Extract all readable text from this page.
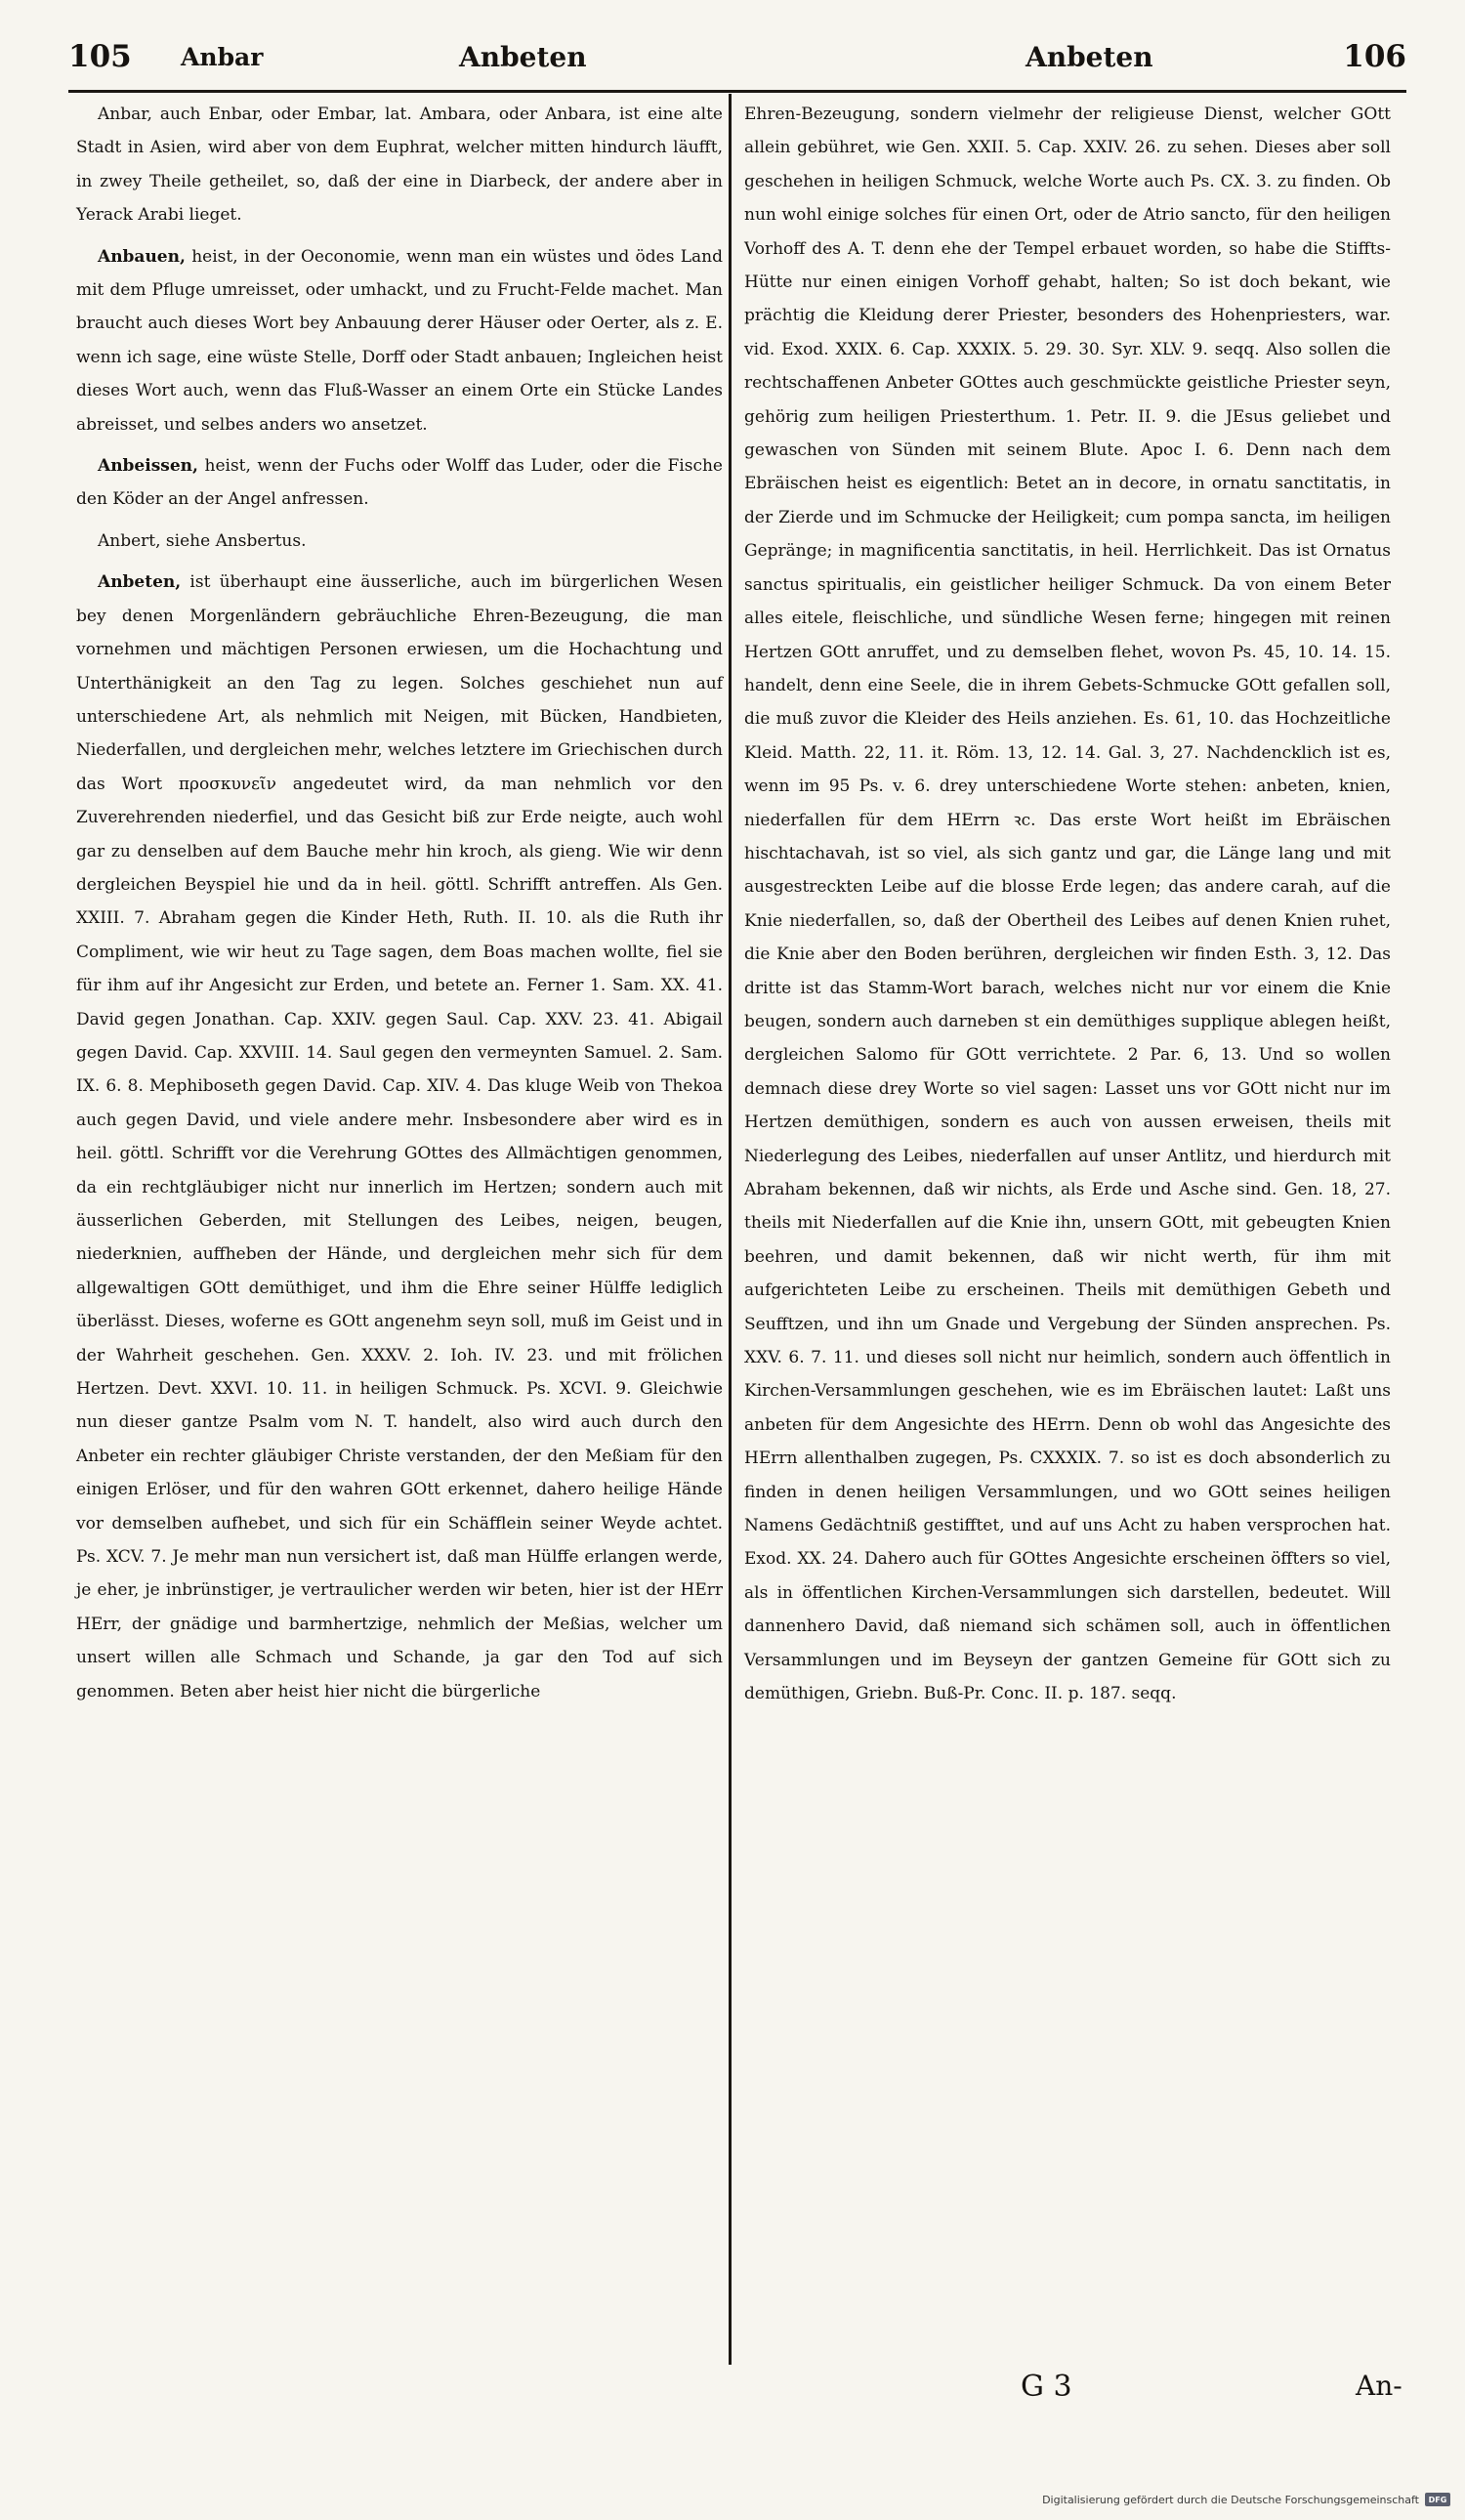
105 Anbar	Anbeten	Anbeten	106

Anbar, auch Enbar, oder Embar, lat. Ambara, oder Anbara, ist eine alte Stadt in Asien, wird aber von dem Euphrat, welcher mitten hindurch läufft, in zwey Theile getheilet, so, daß der eine in Diarbeck, der andere aber in Yerack Arabi lieget.

Anbauen, heist, in der Oeconomie, wenn man ein wüstes und ödes Land mit dem Pfluge umreisset, oder umhackt, und zu Frucht-Felde machet. Man braucht auch dieses Wort bey Anbauung derer Häuser oder Oerter, als z. E. wenn ich sage, eine wüste Stelle, Dorff oder Stadt anbauen; Ingleichen heist dieses Wort auch, wenn das Fluß-Wasser an einem Orte ein Stücke Landes abreisset, und selbes anders wo ansetzet.

Anbeissen, heist, wenn der Fuchs oder Wolff das Luder, oder die Fische den Köder an der Angel anfressen.

Anbert, siehe Ansbertus.

Anbeten, ist überhaupt eine äusserliche, auch im bürgerlichen Wesen bey denen Morgenländern gebräuchliche Ehren-Bezeugung, die man vornehmen und mächtigen Personen erwiesen, um die Hochachtung und Unterthänigkeit an den Tag zu legen. Solches geschiehet nun auf unterschiedene Art, als nehmlich mit Neigen, mit Bücken, Handbieten, Niederfallen, und dergleichen mehr, welches letztere im Griechischen durch das Wort προσκυνεῖν angedeutet wird, da man nehmlich vor den Zuverehrenden niederfiel, und das Gesicht biß zur Erde neigte, auch wohl gar zu denselben auf dem Bauche mehr hin kroch, als gieng. Wie wir denn dergleichen Beyspiel hie und da in heil. göttl. Schrifft antreffen. Als Gen. XXIII. 7. Abraham gegen die Kinder Heth, Ruth. II. 10. als die Ruth ihr Compliment, wie wir heut zu Tage sagen, dem Boas machen wollte, fiel sie für ihm auf ihr Angesicht zur Erden, und betete an. Ferner 1. Sam. XX. 41. David gegen Jonathan. Cap. XXIV. gegen Saul. Cap. XXV. 23. 41. Abigail gegen David. Cap. XXVIII. 14. Saul gegen den vermeynten Samuel. 2. Sam. IX. 6. 8. Mephiboseth gegen David. Cap. XIV. 4. Das kluge Weib von Thekoa auch gegen David, und viele andere mehr. Insbesondere aber wird es in heil. göttl. Schrifft vor die Verehrung GOttes des Allmächtigen genommen, da ein rechtgläubiger nicht nur innerlich im Hertzen; sondern auch mit äusserlichen Geberden, mit Stellungen des Leibes, neigen, beugen, niederknien, auffheben der Hände, und dergleichen mehr sich für dem allgewaltigen GOtt demüthiget, und ihm die Ehre seiner Hülffe lediglich überlässt. Dieses, woferne es GOtt angenehm seyn soll, muß im Geist und in der Wahrheit geschehen. Gen. XXXV. 2. Ioh. IV. 23. und mit frölichen Hertzen. Devt. XXVI. 10. 11. in heiligen Schmuck. Ps. XCVI. 9. Gleichwie nun dieser gantze Psalm vom N. T. handelt, also wird auch durch den Anbeter ein rechter gläubiger Christe verstanden, der den Meßiam für den einigen Erlöser, und für den wahren GOtt erkennet, dahero heilige Hände vor demselben aufhebet, und sich für ein Schäfflein seiner Weyde achtet. Ps. XCV. 7. Je mehr man nun versichert ist, daß man Hülffe erlangen werde, je eher, je inbrünstiger, je vertraulicher werden wir beten, hier ist der HErr HErr, der gnädige und barmhertzige, nehmlich der Meßias, welcher um unsert willen alle Schmach und Schande, ja gar den Tod auf sich genommen. Beten aber heist hier nicht die bürgerliche

Ehren-Bezeugung, sondern vielmehr der religieuse Dienst, welcher GOtt allein gebühret, wie Gen. XXII. 5. Cap. XXIV. 26. zu sehen. Dieses aber soll geschehen in heiligen Schmuck, welche Worte auch Ps. CX. 3. zu finden. Ob nun wohl einige solches für einen Ort, oder de Atrio sancto, für den heiligen Vorhoff des A. T. denn ehe der Tempel erbauet worden, so habe die Stiffts-Hütte nur einen einigen Vorhoff gehabt, halten; So ist doch bekant, wie prächtig die Kleidung derer Priester, besonders des Hohenpriesters, war. vid. Exod. XXIX. 6. Cap. XXXIX. 5. 29. 30. Syr. XLV. 9. seqq. Also sollen die rechtschaffenen Anbeter GOttes auch geschmückte geistliche Priester seyn, gehörig zum heiligen Priesterthum. 1. Petr. II. 9. die JEsus geliebet und gewaschen von Sünden mit seinem Blute. Apoc I. 6. Denn nach dem Ebräischen heist es eigentlich: Betet an in decore, in ornatu sanctitatis, in der Zierde und im Schmucke der Heiligkeit; cum pompa sancta, im heiligen Gepränge; in magnificentia sanctitatis, in heil. Herrlichkeit. Das ist Ornatus sanctus spiritualis, ein geistlicher heiliger Schmuck. Da von einem Beter alles eitele, fleischliche, und sündliche Wesen ferne; hingegen mit reinen Hertzen GOtt anruffet, und zu demselben flehet, wovon Ps. 45, 10. 14. 15. handelt, denn eine Seele, die in ihrem Gebets-Schmucke GOtt gefallen soll, die muß zuvor die Kleider des Heils anziehen. Es. 61, 10. das Hochzeitliche Kleid. Matth. 22, 11. it. Röm. 13, 12. 14. Gal. 3, 27. Nachdencklich ist es, wenn im 95 Ps. v. 6. drey unterschiedene Worte stehen: anbeten, knien, niederfallen für dem HErrn ꝛc. Das erste Wort heißt im Ebräischen hischtachavah, ist so viel, als sich gantz und gar, die Länge lang und mit ausgestreckten Leibe auf die blosse Erde legen; das andere carah, auf die Knie niederfallen, so, daß der Obertheil des Leibes auf denen Knien ruhet, die Knie aber den Boden berühren, dergleichen wir finden Esth. 3, 12. Das dritte ist das Stamm-Wort barach, welches nicht nur vor einem die Knie beugen, sondern auch darneben st ein demüthiges supplique ablegen heißt, dergleichen Salomo für GOtt verrichtete. 2 Par. 6, 13. Und so wollen demnach diese drey Worte so viel sagen: Lasset uns vor GOtt nicht nur im Hertzen demüthigen, sondern es auch von aussen erweisen, theils mit Niederlegung des Leibes, niederfallen auf unser Antlitz, und hierdurch mit Abraham bekennen, daß wir nichts, als Erde und Asche sind. Gen. 18, 27. theils mit Niederfallen auf die Knie ihn, unsern GOtt, mit gebeugten Knien beehren, und damit bekennen, daß wir nicht werth, für ihm mit aufgerichteten Leibe zu erscheinen. Theils mit demüthigen Gebeth und Seufftzen, und ihn um Gnade und Vergebung der Sünden ansprechen. Ps. XXV. 6. 7. 11. und dieses soll nicht nur heimlich, sondern auch öffentlich in Kirchen-Versammlungen geschehen, wie es im Ebräischen lautet: Laßt uns anbeten für dem Angesichte des HErrn. Denn ob wohl das Angesichte des HErrn allenthalben zugegen, Ps. CXXXIX. 7. so ist es doch absonderlich zu finden in denen heiligen Versammlungen, und wo GOtt seines heiligen Namens Gedächtniß gestifftet, und auf uns Acht zu haben versprochen hat. Exod. XX. 24. Dahero auch für GOttes Angesichte erscheinen öffters so viel, als in öffentlichen Kirchen-Versammlungen sich darstellen, bedeutet. Will dannenhero David, daß niemand sich schämen soll, auch in öffentlichen Versammlungen und im Beyseyn der gantzen Gemeine für GOtt sich zu demüthigen, Griebn. Buß-Pr. Conc. II. p. 187. seqq.

G 3	An-
Digitalisierung gefördert durch die Deutsche Forschungsgemeinschaft	DFG
